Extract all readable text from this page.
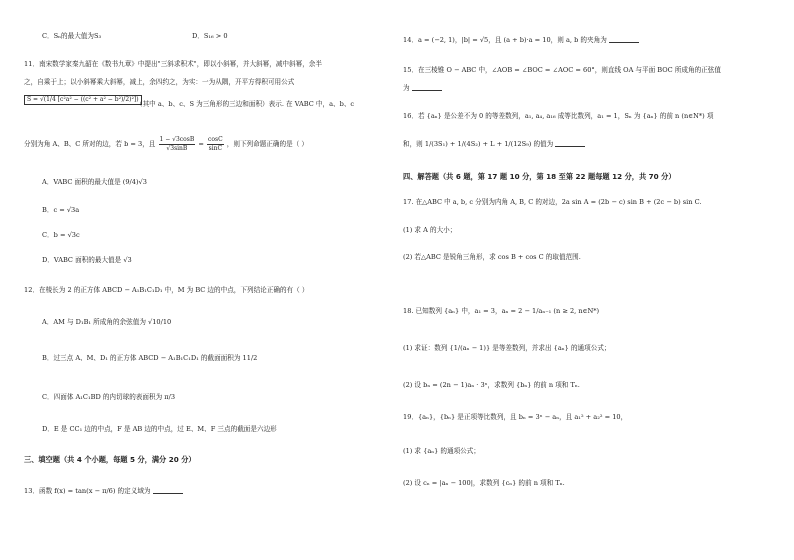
C．Sₙ的最大值为S₃	D．S₁₆ > 0
11．南宋数学家秦九韶在《数书九章》中提出"三斜求积术"，即以小斜幂，并大斜幂，减中斜幂，余半
之，自乘于上；以小斜幂乘大斜幂，减上，余四约之，为实：一为从隅，开平方得积可用公式
S = √(1/4 [c²a² − ((c² + a² − b²)/2)²])
（其中 a、b、c、S 为三角形的三边和面积）表示. 在 VABC 中，a、b、c
分别为角 A、B、C 所对的边，若 b = 3，且 $\frac{1 - √3\cos B}{√3\sin B} = \frac{\cos C}{\sin C}$ ，则下列命题正确的是（ ）
A．VABC 面积的最大值是 (9/4)√3
B．c = √3a
C．b = √3c
D．VABC 面积的最大值是 √3
12．在棱长为 2 的正方体 ABCD − A₁B₁C₁D₁ 中，M 为 BC 边的中点，下列结论正确的有（ ）
A．AM 与 D₁B₁ 所成角的余弦值为 √10/10
B．过三点 A、M、D₁ 的正方体 ABCD − A₁B₁C₁D₁ 的截面面积为 11/2
C．四面体 A₁C₁BD 的内切球的表面积为 π/3
D．E 是 CC₁ 边的中点，F 是 AB 边的中点，过 E、M、F 三点的截面是六边形
三、填空题（共 4 个小题，每题 5 分，满分 20 分）
13．函数 f(x) = tan(x − π/6) 的定义域为
14．a = (−2, 1)，|b| = √5，且 (a + b)·a = 10，则 a, b 的夹角为
15．在三棱锥 O − ABC 中，∠AOB = ∠BOC = ∠AOC = 60°，则直线 OA 与平面 BOC 所成角的正弦值
为
16．若 {aₙ} 是公差不为 0 的等差数列，a₁, a₄, a₁₆ 成等比数列，a₁ = 1，Sₙ 为 {aₙ} 的前 n (n∈N*) 项
和，则 1/(3S₁) + 1/(4S₂) + L + 1/(12S₉) 的值为
四、解答题（共 6 题，第 17 题 10 分，第 18 至第 22 题每题 12 分，共 70 分）
17. 在△ABC 中 a, b, c 分别为内角 A, B, C 的对边，2a sin A = (2b − c) sin B + (2c − b) sin C.
(1) 求 A 的大小；
(2) 若△ABC 是锐角三角形，求 cos B + cos C 的取值范围.
18. 已知数列 {aₙ} 中，a₁ = 3，aₙ = 2 − 1/aₙ₋₁ (n ≥ 2, n∈N*)
(1) 求证：数列 {1/(aₙ − 1)} 是等差数列，并求出 {aₙ} 的通项公式；
(2) 设 bₙ = (2n − 1)aₙ · 3ⁿ，求数列 {bₙ} 的前 n 项和 Tₙ.
19．{aₙ}，{bₙ} 是正项等比数列，且 bₙ = 3ⁿ − aₙ，且 a₁² + a₂² = 10，
(1) 求 {aₙ} 的通项公式；
(2) 设 cₙ = |aₙ − 100|，求数列 {cₙ} 的前 n 项和 Tₙ.
